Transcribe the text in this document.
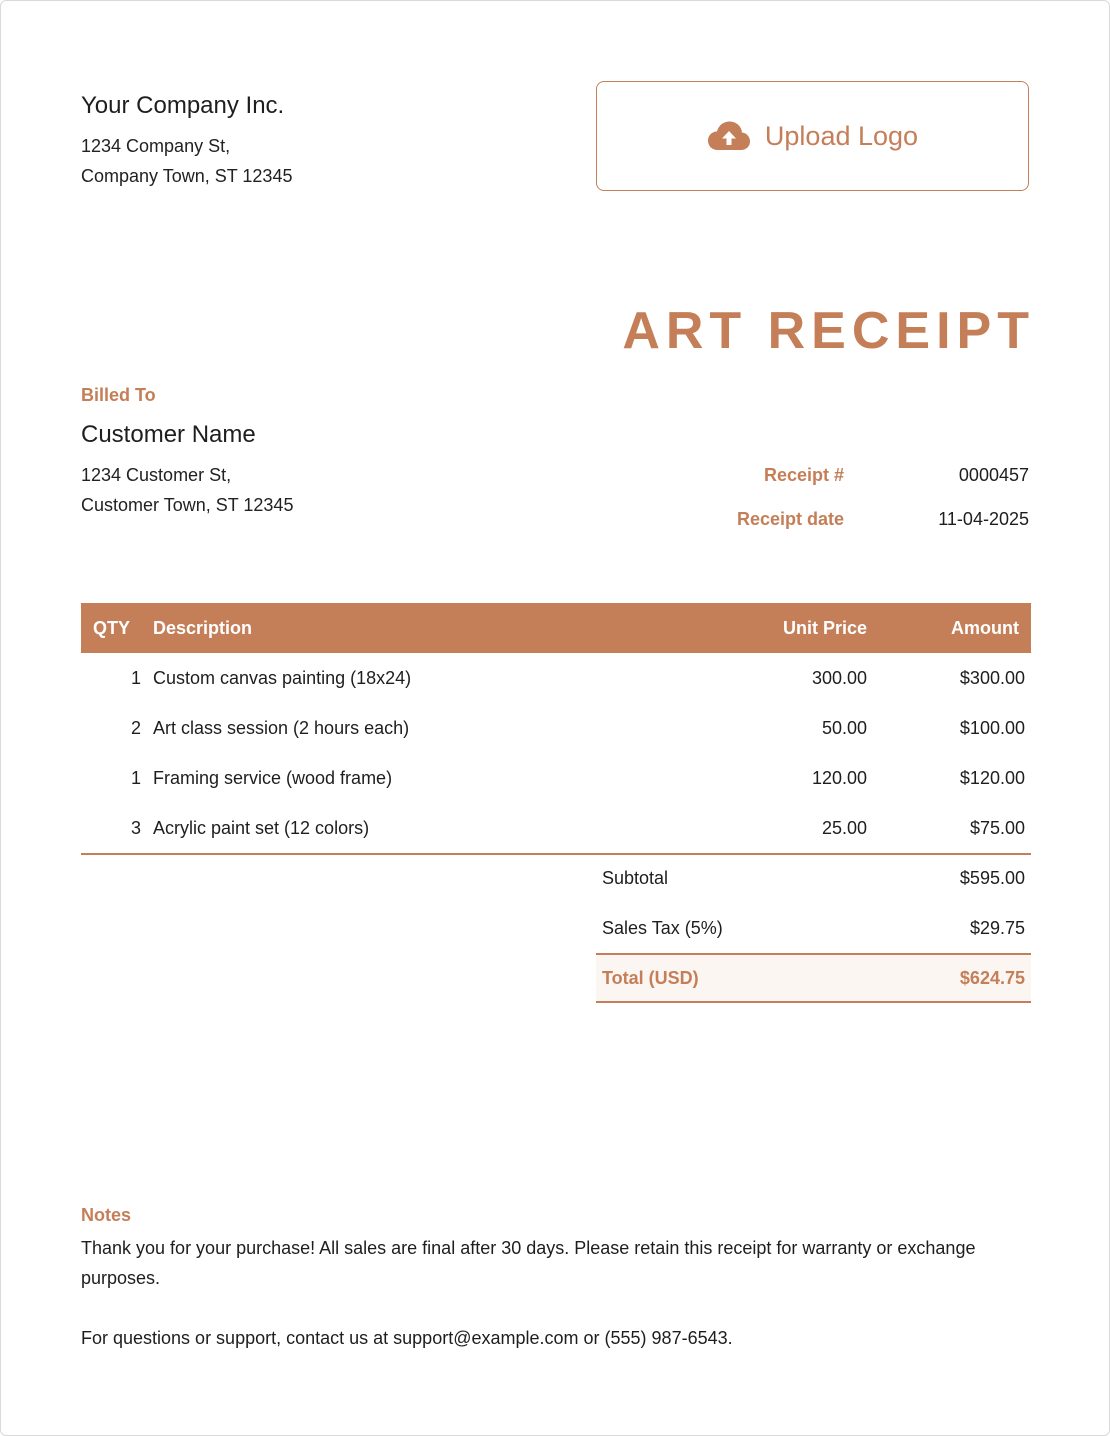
Your Company Inc.
1234 Company St,
Company Town, ST 12345
Upload Logo
ART RECEIPT
Billed To
Customer Name
1234 Customer St,
Customer Town, ST 12345
Receipt #	0000457
Receipt date	11-04-2025
QTY	Description	Unit Price	Amount
1	Custom canvas painting (18x24)	300.00	$300.00
2	Art class session (2 hours each)	50.00	$100.00
1	Framing service (wood frame)	120.00	$120.00
3	Acrylic paint set (12 colors)	25.00	$75.00
Subtotal	$595.00
Sales Tax (5%)	$29.75
Total (USD)	$624.75
Notes
Thank you for your purchase! All sales are final after 30 days. Please retain this receipt for warranty or exchange purposes.
For questions or support, contact us at support@example.com or (555) 987-6543.
